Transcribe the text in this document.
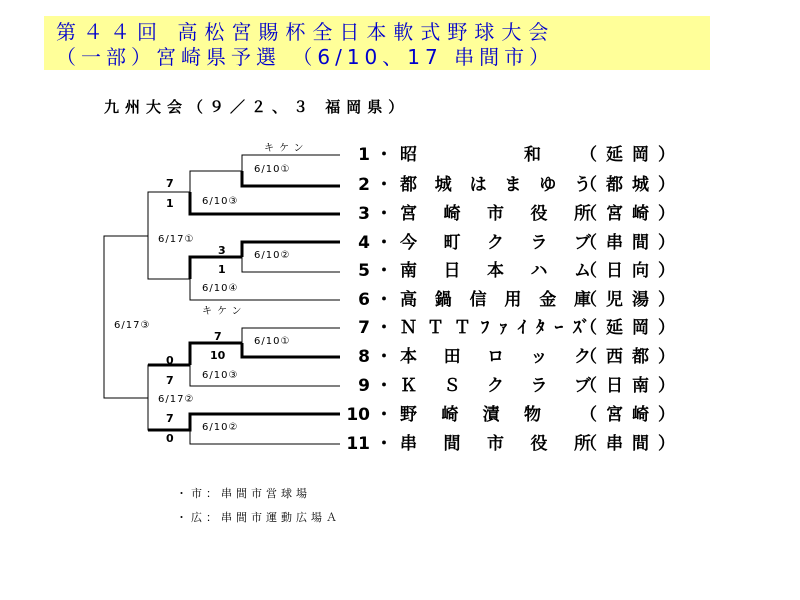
第４４回 高松宮賜杯全日本軟式野球大会
（一部）宮崎県予選 （6/10、17 串間市）
九州大会（９／２、３ 福岡県）
1 ・ 昭　和 （延岡）
2 ・ 都城はまゆう
（都城）
3 ・ 宮崎市役所
（宮崎）
4 ・ 今町クラブ
（串間）
5 ・ 南日本ハム
（日向）
6 ・ 高鍋信用金庫
（児湯）
7 ・ ＮＴＴﾌｧｲﾀｰｽﾞ
（延岡）
8 ・ 本田ロック
（西都）
9 ・ ＫＳクラブ
（日南）
10 ・ 野崎漬物 （宮崎）
11 ・ 串間市役所
（串間）
6/10①
6/10③
6/10②
6/10④
6/17①
6/17③
6/10①
6/10③
6/17②
6/10②
7
1
3
1
7
10
0
7
7
0
キケン
キケン
・市：串間市営球場
・広：串間市運動広場Ａ
